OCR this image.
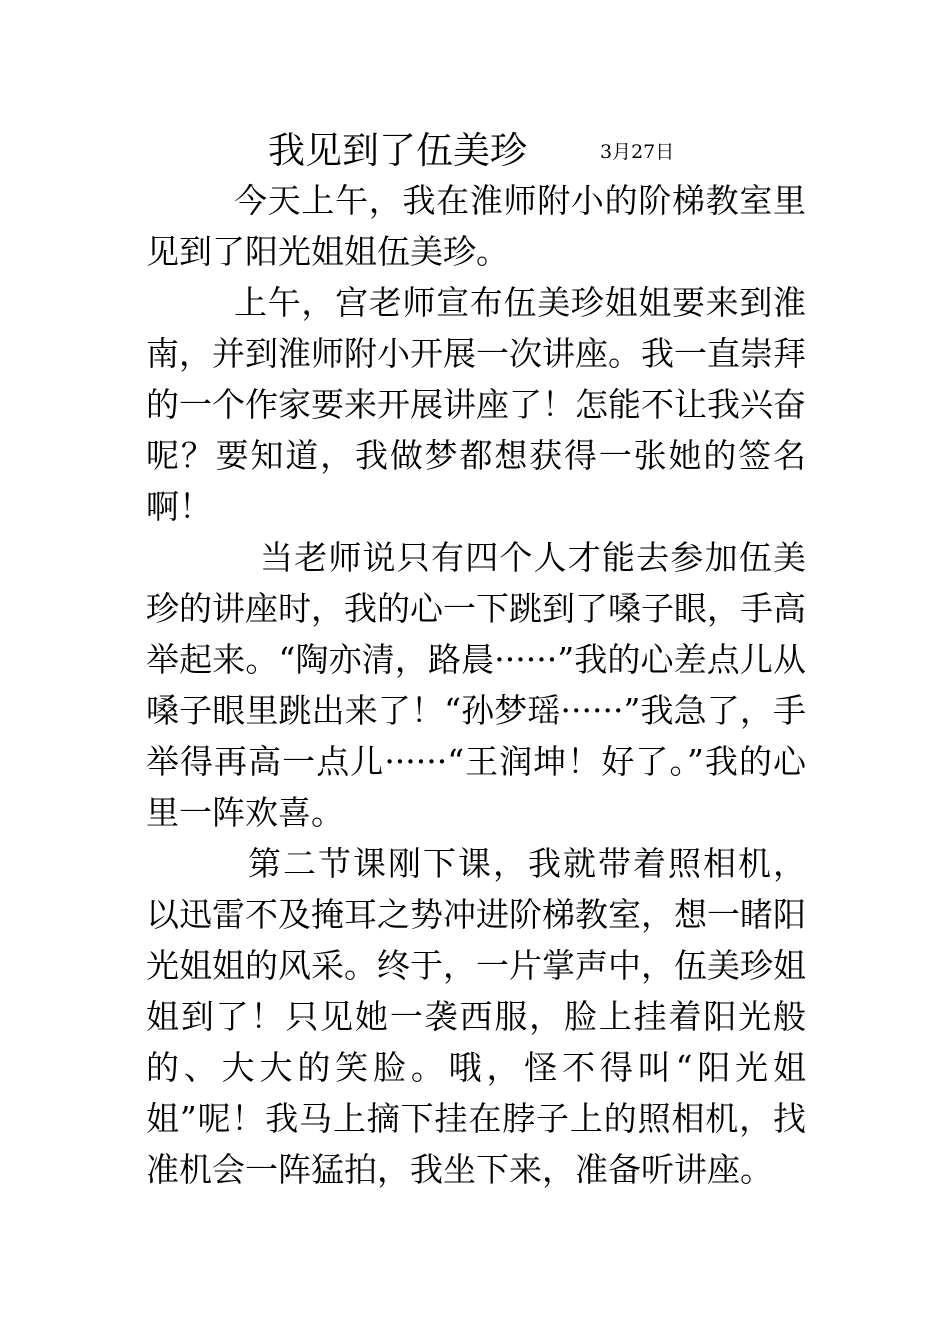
我见到了伍美珍	3月27日

今天上午，我在淮师附小的阶梯教室里见到了阳光姐姐伍美珍。

上午，宫老师宣布伍美珍姐姐要来到淮南，并到淮师附小开展一次讲座。我一直崇拜的一个作家要来开展讲座了！怎能不让我兴奋呢？要知道，我做梦都想获得一张她的签名啊！

当老师说只有四个人才能去参加伍美珍的讲座时，我的心一下跳到了嗓子眼，手高举起来。“陶亦清，路晨······”我的心差点儿从嗓子眼里跳出来了！“孙梦瑶······”我急了，手举得再高一点儿······“王润坤！好了。”我的心里一阵欢喜。

第二节课刚下课，我就带着照相机，以迅雷不及掩耳之势冲进阶梯教室，想一睹阳光姐姐的风采。终于，一片掌声中，伍美珍姐姐到了！只见她一袭西服，脸上挂着阳光般的、大大的笑脸。哦，怪不得叫“阳光姐姐”呢！我马上摘下挂在脖子上的照相机，找准机会一阵猛拍，我坐下来，准备听讲座。
